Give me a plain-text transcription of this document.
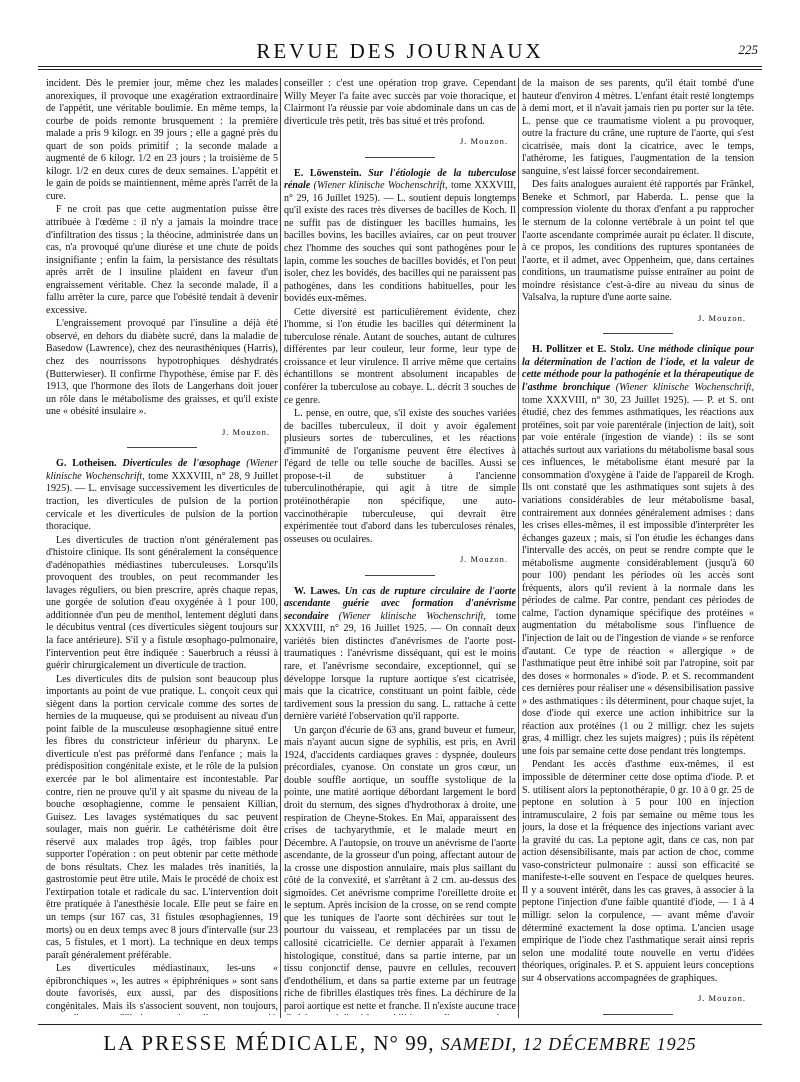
REVUE DES JOURNAUX	225

incident. Dès le premier jour, même chez les malades anorexiques, il provoque une exagération extraordinaire de l'appétit, une véritable boulimie. En même temps, la courbe de poids remonte brusquement : la première malade a pris 9 kilogr. en 39 jours ; elle a gagné près du quart de son poids primitif ; la seconde malade a augmenté de 6 kilogr. 1/2 en 23 jours ; la troisième de 5 kilogr. 1/2 en deux cures de deux semaines. L'appétit et le gain de poids se maintiennent, même après l'arrêt de la cure.

F ne croit pas que cette augmentation puisse être attribuée à l'œdème : il n'y a jamais la moindre trace d'infiltration des tissus ; la théocine, administrée dans un cas, n'a provoqué qu'une diurèse et une chute de poids insignifiante ; enfin la faim, la persistance des résultats après arrêt de l insuline plaident en faveur d'un engraissement véritable. Chez la seconde malade, il a fallu arrêter la cure, parce que l'obésité tendait à devenir excessive.

L'engraissement provoqué par l'insuline a déjà été observé, en dehors du diabète sucré, dans la maladie de Basedow (Lawrence), chez des neurasthéniques (Harris), chez des nourrissons hypotrophiques déshydratés (Butterwieser). Il confirme l'hypothèse, émise par F. dès 1913, que l'hormone des îlots de Langerhans doit jouer un rôle dans le métabolisme des graisses, et qu'il existe une « obésité insulaire ».

J. Mouzon.

G. Lotheisen. Diverticules de l'œsophage (Wiener klinische Wochenschrift, tome XXXVIII, n° 28, 9 Juillet 1925). — L. envisage successivement les diverticules de traction, les diverticules de pulsion de la portion cervicale et les diverticules de pulsion de la portion thoracique.

Les diverticules de traction n'ont généralement pas d'histoire clinique. Ils sont généralement la conséquence d'adénopathies médiastines tuberculeuses. Lorsqu'ils provoquent des troubles, on peut recommander les lavages réguliers, ou bien prescrire, après chaque repas, une gorgée de solution d'eau oxygénée à 1 pour 100, additionnée d'un peu de menthol, lentement dégluti dans le décubitus ventral (ces diverticules siègent toujours sur la face antérieure). S'il y a fistule œsophago-pulmonaire, l'intervention peut être indiquée : Sauerbruch a réussi à guérir chirurgicalement un diverticule de traction.

Les diverticules dits de pulsion sont beaucoup plus importants au point de vue pratique. L. conçoit ceux qui siègent dans la portion cervicale comme des sortes de hernies de la muqueuse, qui se produisent au niveau d'un point faible de la musculeuse œsophagienne situé entre les fibres du constricteur inférieur du pharynx. Le diverticule n'est pas préformé dans l'enfance ; mais la prédisposition congénitale existe, et le rôle de la pulsion exercée par le bol alimentaire est incontestable. Par contre, rien ne prouve qu'il y ait spasme du niveau de la bouche œsophagienne, comme le pensaient Killian, Guisez. Les lavages systématiques du sac peuvent soulager, mais non guérir. Le cathétérisme doit être réservé aux malades trop âgés, trop faibles pour supporter l'opération : on peut obtenir par cette méthode de bons résultats. Chez les malades très inanitiés, la gastrostomie peut être utile. Mais le procédé de choix est l'extirpation totale et radicale du sac. L'intervention doit être pratiquée à l'anesthésie locale. Elle peut se faire en un temps (sur 167 cas, 31 fistules œsophagiennes, 19 morts) ou en deux temps avec 8 jours d'intervalle (sur 23 cas, 5 fistules, et 1 mort). La technique en deux temps paraît généralement préférable.

Les diverticules médiastinaux, les-uns « épibronchiques », les autres « épiphréniques » sont sans doute favorisés, eux aussi, par des dispositions congénitales. Mais ils s'associent souvent, non toujours,

conseiller : c'est une opération trop grave. Cependant Willy Meyer l'a faite avec succès par voie thoracique, et Clairmont l'a réussie par voie abdominale dans un cas de diverticule très petit, très bas situé et très profond.

J. Mouzon.

E. Löwenstein. Sur l'étiologie de la tuberculose rénale (Wiener klinische Wochenschrift, tome XXXVIII, n° 29, 16 Juillet 1925). — L. soutient depuis longtemps qu'il existe des races très diverses de bacilles de Koch. Il ne suffit pas de distinguer les bacilles humains, les bacilles bovins, les bacilles aviaires, car on peut trouver chez l'homme des souches qui sont pathogènes pour le lapin, comme les souches de bacilles bovidés, et l'on peut isoler, chez les bovidés, des bacilles qui ne paraissent pas pathogènes, dans les conditions habituelles, pour les bovidés eux-mêmes.

Cette diversité est particulièrement évidente, chez l'homme, si l'on étudie les bacilles qui déterminent la tuberculose rénale. Autant de souches, autant de cultures différentes par leur couleur, leur forme, leur type de croissance et leur virulence. Il arrive même que certains échantillons se montrent absolument incapables de conférer la tuberculose au cobaye. L. décrit 3 souches de ce genre.

L. pense, en outre, que, s'il existe des souches variées de bacilles tuberculeux, il doit y avoir également plusieurs sortes de tuberculines, et les réactions d'immunité de l'organisme peuvent être électives à l'égard de telle ou telle souche de bacilles. Aussi se propose-t-il de substituer à l'ancienne tuberculinothérapie, qui agit à titre de simple protéinothérapie non spécifique, une auto-vaccinothérapie tuberculeuse, qui devrait être expérimentée tout d'abord dans les tuberculoses rénales, osseuses ou oculaires.

J. Mouzon.

W. Lawes. Un cas de rupture circulaire de l'aorte ascendante guérie avec formation d'anévrisme secondaire (Wiener klinische Wochenschrift, tome XXXVIII, n° 29, 16 Juillet 1925. — On connaît deux variétés bien distinctes d'anévrismes de l'aorte post-traumatiques : l'anévrisme disséquant, qui est le moins rare, et l'anévrisme secondaire, exceptionnel, qui se développe lorsque la rupture aortique s'est cicatrisée, mais que la cicatrice, constituant un point faible, cède tardivement sous la pression du sang. L. rattache à cette dernière variété l'observation qu'il rapporte.

Un garçon d'écurie de 63 ans, grand buveur et fumeur, mais n'ayant aucun signe de syphilis, est pris, en Avril 1924, d'accidents cardiaques graves : dyspnée, douleurs précordiales, cyanose. On constate un gros cœur, un double souffle aortique, un souffle systolique de la pointe, une matité aortique débordant largement le bord droit du sternum, des signes d'hydrothorax à droite, une respiration de Cheyne-Stokes. En Mai, apparaissent des crises de tachyarythmie, et le malade meurt en Décembre. A l'autopsie, on trouve un anévrisme de l'aorte ascendante, de la grosseur d'un poing, affectant autour de la crosse une dispostion annulaire, mais plus saillant du côté de la convexité, et s'arrêtant à 2 cm. au-dessus des sigmoïdes. Cet anévrisme comprime l'oreillette droite et le septum. Après incision de la crosse, on se rend compte que les tuniques de l'aorte sont déchirées sur tout le pourtour du vaisseau, et remplacées par un tissu de callosité cicatricielle. Ce dernier apparaît à l'examen histologique, constitué, dans sa partie interne, par un tissu conjonctif dense, pauvre en cellules, recouvert d'endothélium, et dans sa partie externe par un feutrage riche de fibrilles élastiques très fines. La déchirure de la paroi aortique est nette et franche. Il n'existe aucune trace

de la maison de ses parents, qu'il était tombé d'une hauteur d'environ 4 mètres. L'enfant était resté longtemps à demi mort, et il n'avait jamais rien pu porter sur la tête. L. pense que ce traumatisme violent a pu provoquer, outre la fracture du crâne, une rupture de l'aorte, qui s'est cicatrisée, mais dont la cicatrice, avec le temps, l'athérome, les fatigues, l'augmentation de la tension sanguine, s'est laissé forcer secondairement.

Des faits analogues auraient été rapportés par Fränkel, Beneke et Schmorl, par Haberda. L. pense que la compression violente du thorax d'enfant a pu rapprocher le sternum de la colonne vertébrale à un point tel que l'aorte ascendante comprimée aurait pu éclater. Il discute, à ce propos, les conditions des ruptures spontanées de l'aorte, et il admet, avec Oppenheim, que, dans certaines conditions, un traumatisme puisse entraîner au point de moindre résistance c'est-à-dire au niveau du sinus de Valsalva, la rupture d'une aorte saine.

J. Mouzon.

H. Pollitzer et E. Stolz. Une méthode clinique pour la détermination de l'action de l'iode, et la valeur de cette méthode pour la pathogénie et la thérapeutique de l'asthme bronchique (Wiener klinische Wochenschrift, tome XXXVIII, n° 30, 23 Juillet 1925). — P. et S. ont étudié, chez des femmes asthmatiques, les réactions aux protéines, soit par voie parentérale (injection de lait), soit par voie entérale (ingestion de viande) : ils se sont attachés surtout aux variations du métabolisme basal sous ces influences, le métabolisme étant mesuré par la consommation d'oxygène à l'aide de l'appareil de Krogh. Ils ont constaté que les asthmatiques sont sujets à des variations considérables de leur métabolisme basal, contrairement aux données généralement admises : dans les crises elles-mêmes, il est impossible d'interpréter les échanges gazeux ; mais, si l'on étudie les échanges dans l'intervalle des accès, on peut se rendre compte que le métabolisme augmente considérablement (jusqu'à 60 pour 100) pendant les périodes où les accès sont fréquents, alors qu'il revient à la normale dans les périodes de calme. Par contre, pendant ces périodes de calme, l'action dynamique spécifique des protéines « augmentation du métabolisme sous l'influence de l'injection de lait ou de l'ingestion de viande » se renforce d'autant. Ce type de réaction « allergique » de l'asthmatique peut être inhibé soit par l'atropine, soit par des doses « hormonales » d'iode. P. et S. recommandent ces dernières pour réaliser une « désensibilisation passive » des asthmatiques : ils déterminent, pour chaque sujet, la dose d'iode qui exerce une action inhibitrice sur la réaction aux protéines (1 ou 2 milligr. chez les sujets gras, 4 milligr. chez les sujets maigres) ; puis ils répètent une fois par semaine cette dose pendant très longtemps.

Pendant les accès d'asthme eux-mêmes, il est impossible de déterminer cette dose optima d'iode. P. et S. utilisent alors la peptonothérapie, 0 gr. 10 à 0 gr. 25 de peptone en solution à 5 pour 100 en injection intramusculaire, 2 fois par semaine ou même tous les jours, la dose et la fréquence des injections variant avec la gravité du cas. La peptone agit, dans ce cas, non par action désensibilisante, mais par action de choc, comme vaso-constricteur pulmonaire : aussi son efficacité se manifeste-t-elle souvent en l'espace de quelques heures. Il y a souvent intérêt, dans les cas graves, à associer à la peptone l'injection d'une faible quantité d'iode, — 1 à 4 milligr. selon la corpulence, — avant même d'avoir déterminé exactement la dose optima. L'ancien usage empirique de l'iode chez l'asthmatique serait ainsi repris selon une modalité toute nouvelle en vertu d'idées théoriques, originales. P. et S. appuient leurs conceptions sur 4 observations accompagnées de graphiques.

J. Mouzon.

LA PRESSE MÉDICALE, N° 99, SAMEDI, 12 DÉCEMBRE 1925
